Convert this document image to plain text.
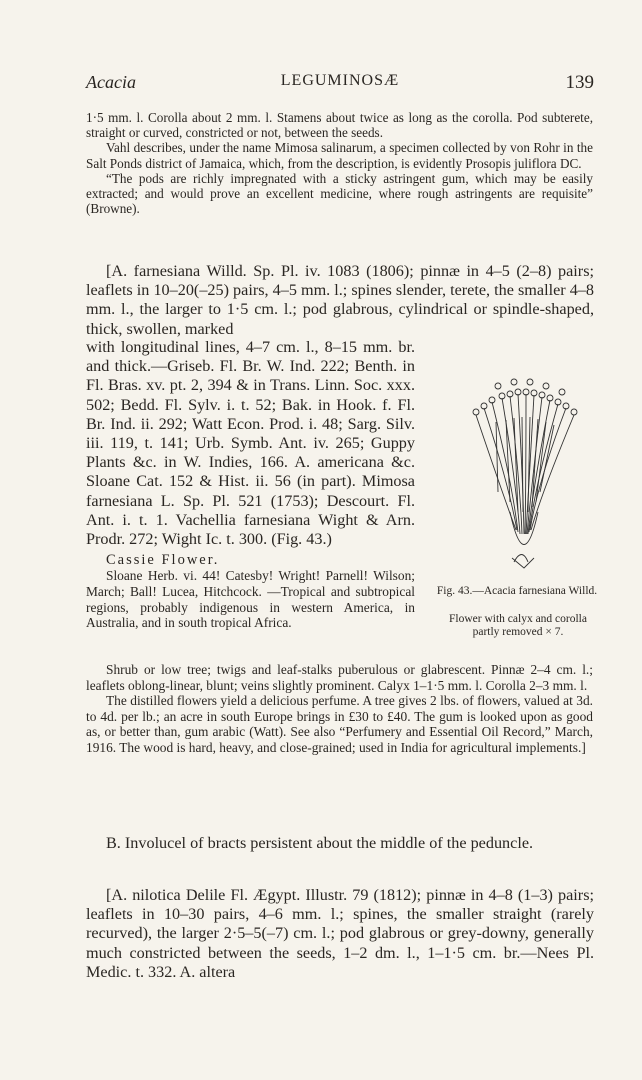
Acacia	LEGUMINOSÆ	139

1·5 mm. l. Corolla about 2 mm. l. Stamens about twice as long as the corolla. Pod subterete, straight or curved, constricted or not, between the seeds.

Vahl describes, under the name Mimosa salinarum, a specimen collected by von Rohr in the Salt Ponds district of Jamaica, which, from the description, is evidently Prosopis juliflora DC.

“The pods are richly impregnated with a sticky astringent gum, which may be easily extracted; and would prove an excellent medicine, where rough astringents are requisite” (Browne).

[A. farnesiana Willd. Sp. Pl. iv. 1083 (1806); pinnæ in 4–5 (2–8) pairs; leaflets in 10–20(–25) pairs, 4–5 mm. l.; spines slender, terete, the smaller 4–8 mm. l., the larger to 1·5 cm. l.; pod glabrous, cylindrical or spindle-shaped, thick, swollen, marked

with longitudinal lines, 4–7 cm. l., 8–15 mm. br. and thick.—Griseb. Fl. Br. W. Ind. 222; Benth. in Fl. Bras. xv. pt. 2, 394 & in Trans. Linn. Soc. xxx. 502; Bedd. Fl. Sylv. i. t. 52; Bak. in Hook. f. Fl. Br. Ind. ii. 292; Watt Econ. Prod. i. 48; Sarg. Silv. iii. 119, t. 141; Urb. Symb. Ant. iv. 265; Guppy Plants &c. in W. Indies, 166. A. americana &c. Sloane Cat. 152 & Hist. ii. 56 (in part). Mimosa farnesiana L. Sp. Pl. 521 (1753); Descourt. Fl. Ant. i. t. 1. Vachellia farnesiana Wight & Arn. Prodr. 272; Wight Ic. t. 300. (Fig. 43.)

Cassie Flower.

Sloane Herb. vi. 44! Catesby! Wright! Parnell! Wilson; March; Ball! Lucea, Hitchcock. —Tropical and subtropical regions, probably indigenous in western America, in Australia, and in south tropical Africa.

Fig. 43.—Acacia farnesiana Willd.
Flower with calyx and corolla partly removed × 7.

Shrub or low tree; twigs and leaf-stalks puberulous or glabrescent. Pinnæ 2–4 cm. l.; leaflets oblong-linear, blunt; veins slightly prominent. Calyx 1–1·5 mm. l. Corolla 2–3 mm. l.

The distilled flowers yield a delicious perfume. A tree gives 2 lbs. of flowers, valued at 3d. to 4d. per lb.; an acre in south Europe brings in £30 to £40. The gum is looked upon as good as, or better than, gum arabic (Watt). See also “Perfumery and Essential Oil Record,” March, 1916. The wood is hard, heavy, and close-grained; used in India for agricultural implements.]

B. Involucel of bracts persistent about the middle of the peduncle.

[A. nilotica Delile Fl. Ægypt. Illustr. 79 (1812); pinnæ in 4–8 (1–3) pairs; leaflets in 10–30 pairs, 4–6 mm. l.; spines, the smaller straight (rarely recurved), the larger 2·5–5(–7) cm. l.; pod glabrous or grey-downy, generally much constricted between the seeds, 1–2 dm. l., 1–1·5 cm. br.—Nees Pl. Medic. t. 332. A. altera
